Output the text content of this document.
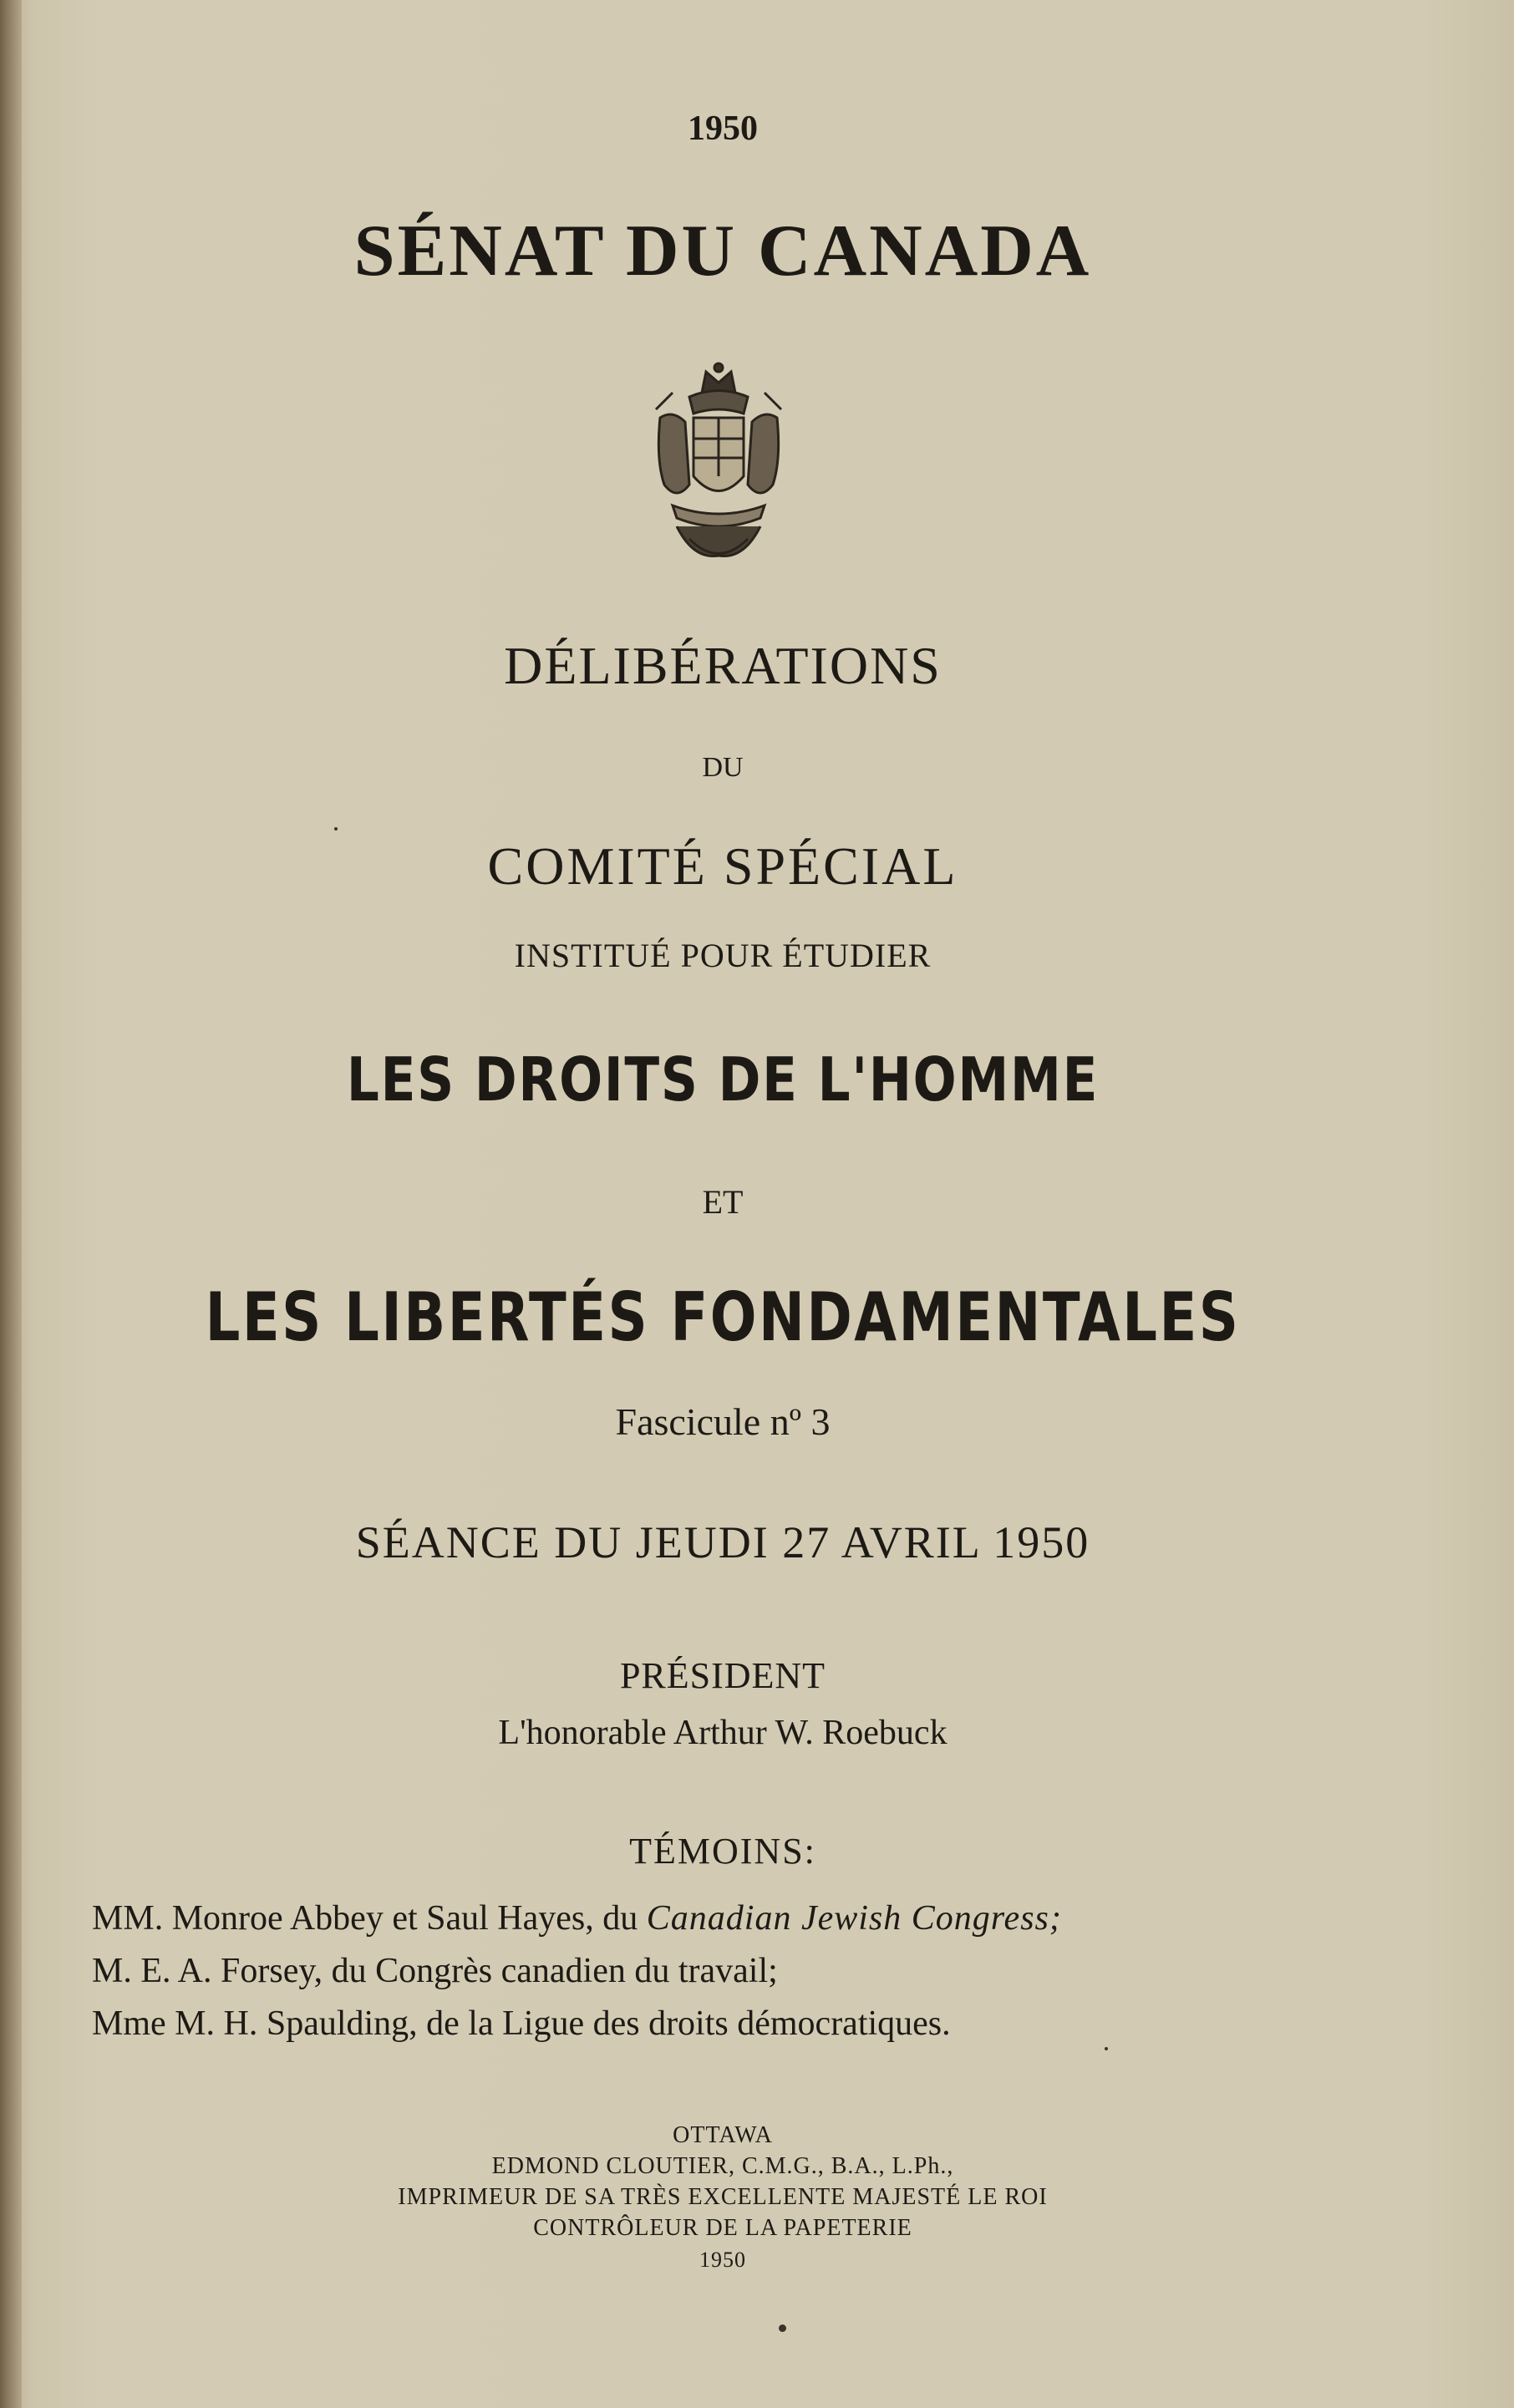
1950
SÉNAT DU CANADA
DÉLIBÉRATIONS
DU
COMITÉ SPÉCIAL
INSTITUÉ POUR ÉTUDIER
LES DROITS DE L'HOMME
ET
LES LIBERTÉS FONDAMENTALES
Fascicule nº 3
SÉANCE DU JEUDI 27 AVRIL 1950
PRÉSIDENT
L'honorable Arthur W. Roebuck
TÉMOINS:
MM. Monroe Abbey et Saul Hayes, du Canadian Jewish Congress;
M. E. A. Forsey, du Congrès canadien du travail;
Mme M. H. Spaulding, de la Ligue des droits démocratiques.
OTTAWA
EDMOND CLOUTIER, C.M.G., B.A., L.Ph.,
IMPRIMEUR DE SA TRÈS EXCELLENTE MAJESTÉ LE ROI
CONTRÔLEUR DE LA PAPETERIE
1950
